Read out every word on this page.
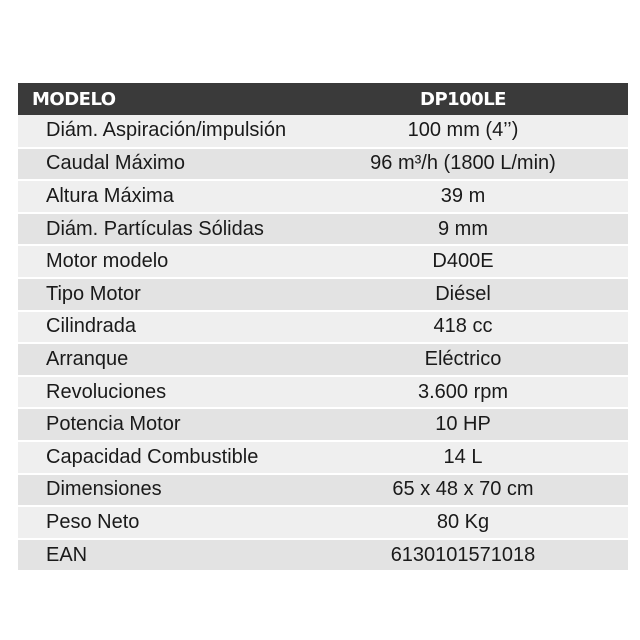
MODELO	DP100LE
Diám. Aspiración/impulsión	100 mm (4’’)
Caudal Máximo	96 m³/h (1800 L/min)
Altura Máxima	39 m
Diám. Partículas Sólidas	9 mm
Motor modelo	D400E
Tipo Motor	Diésel
Cilindrada	418 cc
Arranque	Eléctrico
Revoluciones	3.600 rpm
Potencia Motor	10 HP
Capacidad Combustible	14 L
Dimensiones	65 x 48 x 70 cm
Peso Neto	80 Kg
EAN	6130101571018
